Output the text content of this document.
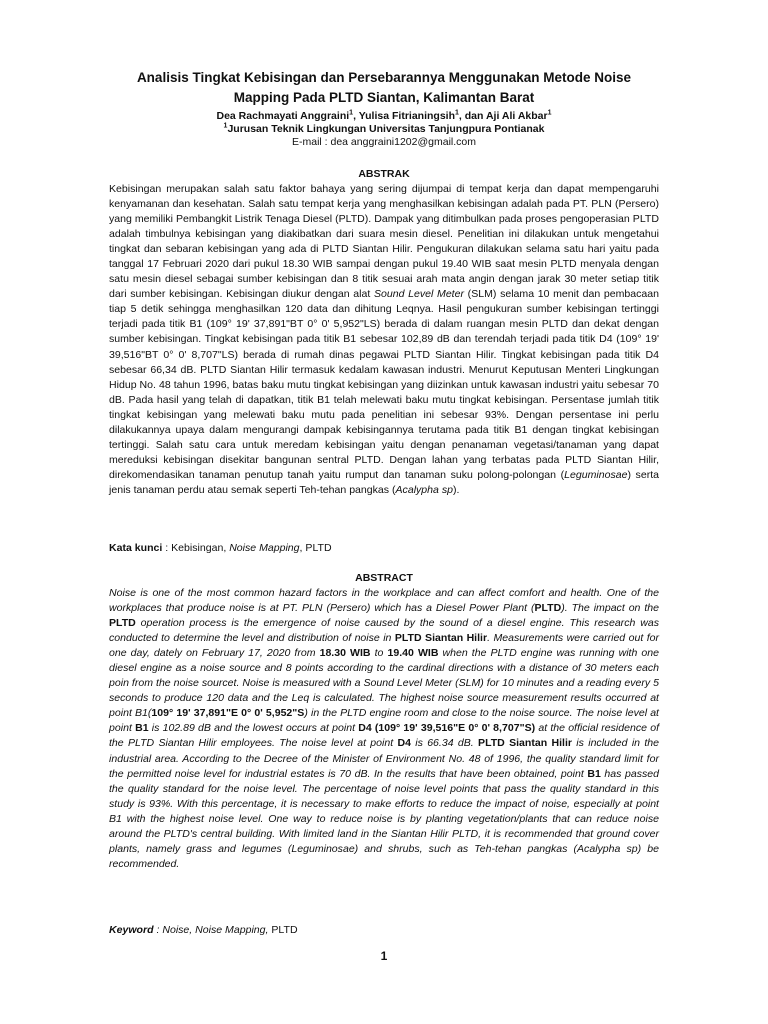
Analisis Tingkat Kebisingan dan Persebarannya Menggunakan Metode Noise
Mapping Pada PLTD Siantan, Kalimantan Barat
Dea Rachmayati Anggraini$^1$, Yulisa Fitrianingsih$^1$, dan Aji Ali Akbar$^1$
$^1$Jurusan Teknik Lingkungan Universitas Tanjungpura Pontianak
E-mail : dea anggraini1202@gmail.com
ABSTRAK

Kebisingan merupakan salah satu faktor bahaya yang sering dijumpai di tempat kerja dan dapat mempengaruhi kenyamanan dan kesehatan. Salah satu tempat kerja yang menghasilkan kebisingan adalah pada PT. PLN (Persero) yang memiliki Pembangkit Listrik Tenaga Diesel (PLTD). Dampak yang ditimbulkan pada proses pengoperasian PLTD adalah timbulnya kebisingan yang diakibatkan dari suara mesin diesel. Penelitian ini dilakukan untuk mengetahui tingkat dan sebaran kebisingan yang ada di PLTD Siantan Hilir. Pengukuran dilakukan selama satu hari yaitu pada tanggal 17 Februari 2020 dari pukul 18.30 WIB sampai dengan pukul 19.40 WIB saat mesin PLTD menyala dengan satu mesin diesel sebagai sumber kebisingan dan 8 titik sesuai arah mata angin dengan jarak 30 meter setiap titik dari sumber kebisingan. Kebisingan diukur dengan alat Sound Level Meter (SLM) selama 10 menit dan pembacaan tiap 5 detik sehingga menghasilkan 120 data dan dihitung Leqnya. Hasil pengukuran sumber kebisingan tertinggi terjadi pada titik B1 (109° 19' 37,891"BT 0° 0' 5,952"LS) berada di dalam ruangan mesin PLTD dan dekat dengan sumber kebisingan. Tingkat kebisingan pada titik B1 sebesar 102,89 dB dan terendah terjadi pada titik D4 (109° 19' 39,516"BT 0° 0' 8,707"LS) berada di rumah dinas pegawai PLTD Siantan Hilir. Tingkat kebisingan pada titik D4 sebesar 66,34 dB. PLTD Siantan Hilir termasuk kedalam kawasan industri. Menurut Keputusan Menteri Lingkungan Hidup No. 48 tahun 1996, batas baku mutu tingkat kebisingan yang diizinkan untuk kawasan industri yaitu sebesar 70 dB. Pada hasil yang telah di dapatkan, titik B1 telah melewati baku mutu tingkat kebisingan. Persentase jumlah titik tingkat kebisingan yang melewati baku mutu pada penelitian ini sebesar 93%. Dengan persentase ini perlu dilakukannya upaya dalam mengurangi dampak kebisingannya terutama pada titik B1 dengan tingkat kebisingan tertinggi. Salah satu cara untuk meredam kebisingan yaitu dengan penanaman vegetasi/tanaman yang dapat mereduksi kebisingan disekitar bangunan sentral PLTD. Dengan lahan yang terbatas pada PLTD Siantan Hilir, direkomendasikan tanaman penutup tanah yaitu rumput dan tanaman suku polong-polongan (Leguminosae) serta jenis tanaman perdu atau semak seperti Teh-tehan pangkas (Acalypha sp).

Kata kunci : Kebisingan, Noise Mapping, PLTD
ABSTRACT

Noise is one of the most common hazard factors in the workplace and can affect comfort and health. One of the workplaces that produce noise is at PT. PLN (Persero) which has a Diesel Power Plant (PLTD). The impact on the PLTD operation process is the emergence of noise caused by the sound of a diesel engine. This research was conducted to determine the level and distribution of noise in PLTD Siantan Hilir. Measurements were carried out for one day, dately on February 17, 2020 from 18.30 WIB to 19.40 WIB when the PLTD engine was running with one diesel engine as a noise source and 8 points according to the cardinal directions with a distance of 30 meters each poin from the noise sourcet. Noise is measured with a Sound Level Meter (SLM) for 10 minutes and a reading every 5 seconds to produce 120 data and the Leq is calculated. The highest noise source measurement results occurred at point B1(109° 19' 37,891"E 0° 0' 5,952"S) in the PLTD engine room and close to the noise source. The noise level at point B1 is 102.89 dB and the lowest occurs at point D4 (109° 19' 39,516"E 0° 0' 8,707"S) at the official residence of the PLTD Siantan Hilir employees. The noise level at point D4 is 66.34 dB. PLTD Siantan Hilir is included in the industrial area. According to the Decree of the Minister of Environment No. 48 of 1996, the quality standard limit for the permitted noise level for industrial estates is 70 dB. In the results that have been obtained, point B1 has passed the quality standard for the noise level. The percentage of noise level points that pass the quality standard in this study is 93%. With this percentage, it is necessary to make efforts to reduce the impact of noise, especially at point B1 with the highest noise level. One way to reduce noise is by planting vegetation/plants that can reduce noise around the PLTD's central building. With limited land in the Siantan Hilir PLTD, it is recommended that ground cover plants, namely grass and legumes (Leguminosae) and shrubs, such as Teh-tehan pangkas (Acalypha sp) be recommended.

Keyword : Noise, Noise Mapping, PLTD
1
